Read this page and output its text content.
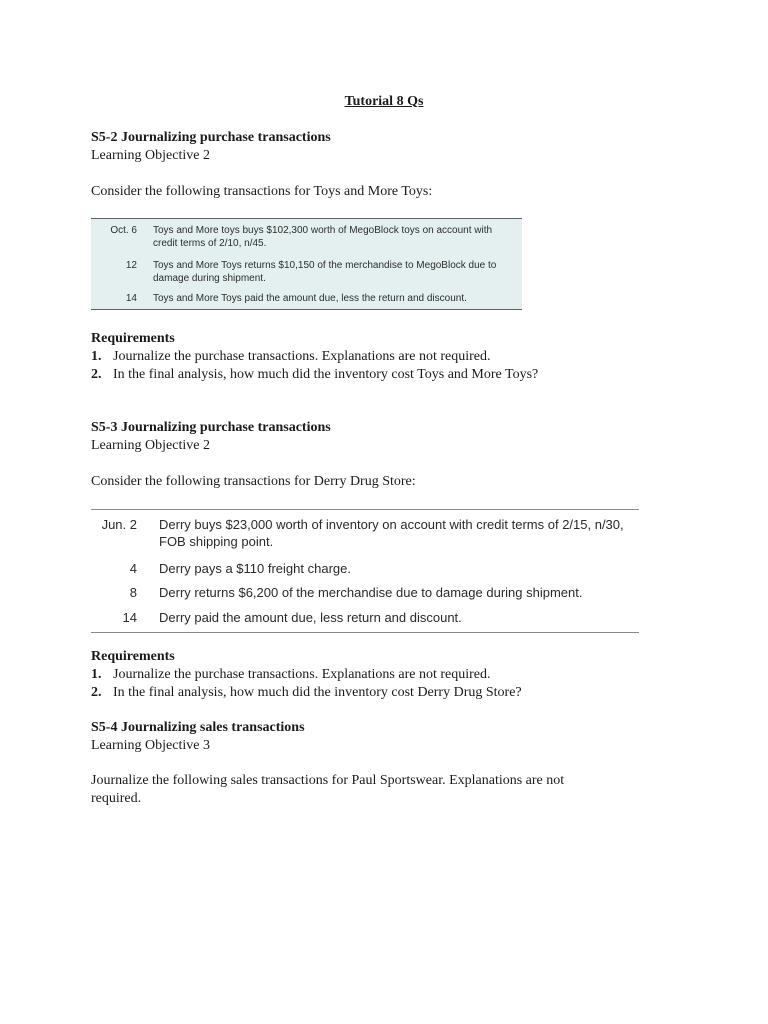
Tutorial 8 Qs
S5-2 Journalizing purchase transactions
Learning Objective 2
Consider the following transactions for Toys and More Toys:
Oct. 6 Toys and More toys buys $102,300 worth of MegoBlock toys on account with credit terms of 2/10, n/45.
12 Toys and More Toys returns $10,150 of the merchandise to MegoBlock due to damage during shipment.
14 Toys and More Toys paid the amount due, less the return and discount.
Requirements
1. Journalize the purchase transactions. Explanations are not required.
2. In the final analysis, how much did the inventory cost Toys and More Toys?
S5-3 Journalizing purchase transactions
Learning Objective 2
Consider the following transactions for Derry Drug Store:
Jun. 2 Derry buys $23,000 worth of inventory on account with credit terms of 2/15, n/30, FOB shipping point.
4 Derry pays a $110 freight charge.
8 Derry returns $6,200 of the merchandise due to damage during shipment.
14 Derry paid the amount due, less return and discount.
Requirements
1. Journalize the purchase transactions. Explanations are not required.
2. In the final analysis, how much did the inventory cost Derry Drug Store?
S5-4 Journalizing sales transactions
Learning Objective 3
Journalize the following sales transactions for Paul Sportswear. Explanations are not required.
